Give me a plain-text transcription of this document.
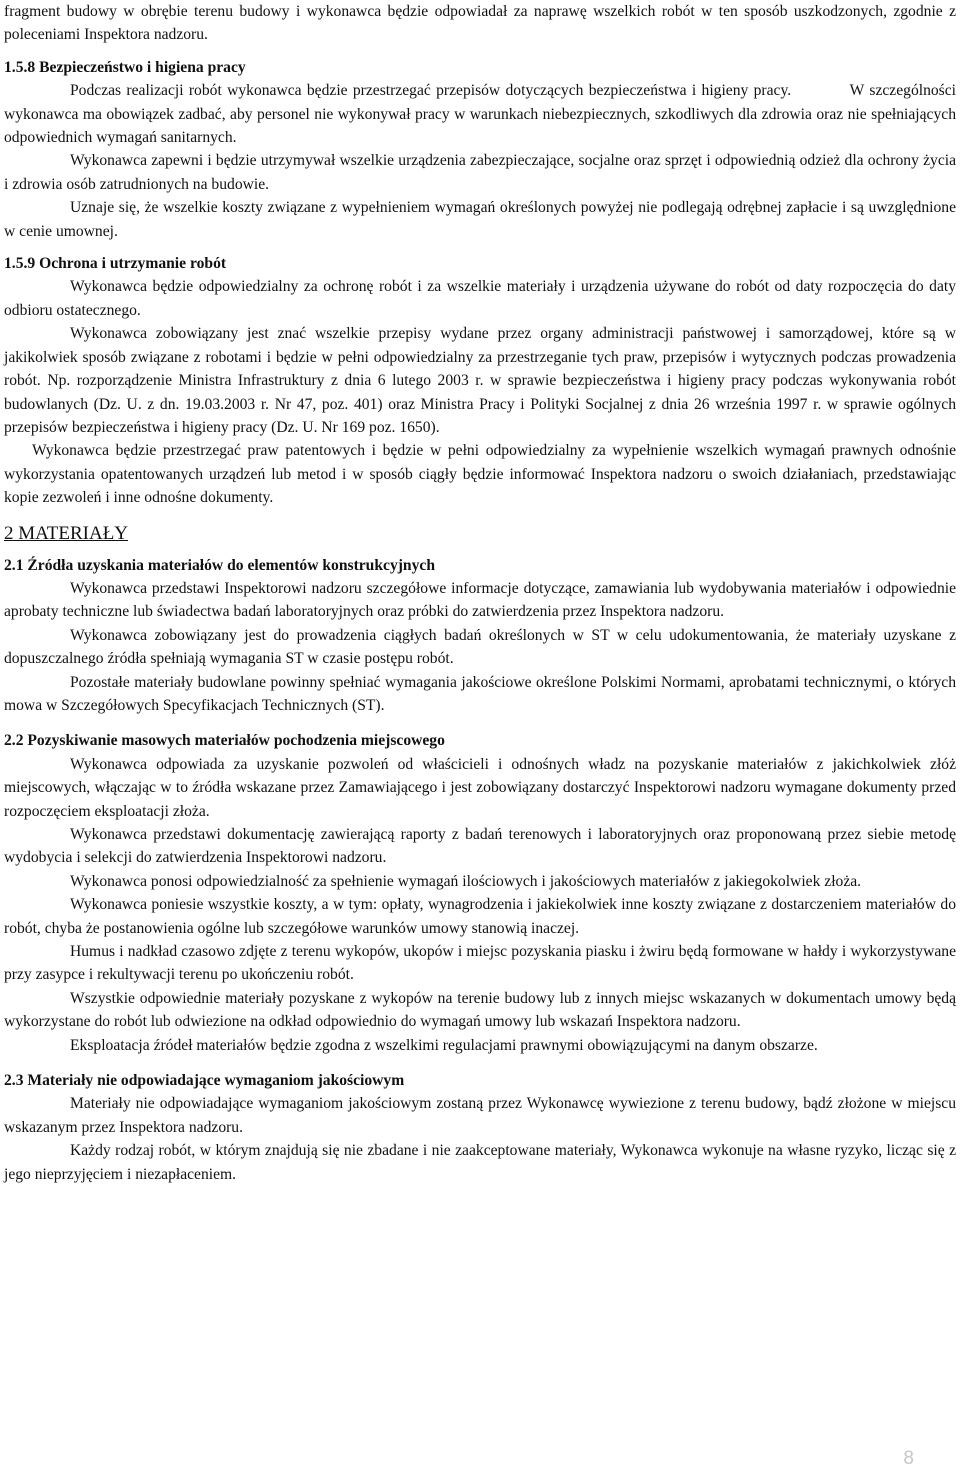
fragment budowy w obrębie terenu budowy i wykonawca będzie odpowiadał za naprawę wszelkich robót w ten sposób uszkodzonych, zgodnie z poleceniami Inspektora nadzoru.

1.5.8 Bezpieczeństwo i higiena pracy

Podczas realizacji robót wykonawca będzie przestrzegać przepisów dotyczących bezpieczeństwa i higieny pracy.	W szczególności wykonawca ma obowiązek zadbać, aby personel nie wykonywał pracy w warunkach niebezpiecznych, szkodliwych dla zdrowia oraz nie spełniających odpowiednich wymagań sanitarnych.

Wykonawca zapewni i będzie utrzymywał wszelkie urządzenia zabezpieczające, socjalne oraz sprzęt i odpowiednią odzież dla ochrony życia i zdrowia osób zatrudnionych na budowie.

Uznaje się, że wszelkie koszty związane z wypełnieniem wymagań określonych powyżej nie podlegają odrębnej zapłacie i są uwzględnione w cenie umownej.

1.5.9 Ochrona i utrzymanie robót

Wykonawca będzie odpowiedzialny za ochronę robót i za wszelkie materiały i urządzenia używane do robót od daty rozpoczęcia do daty odbioru ostatecznego.

Wykonawca zobowiązany jest znać wszelkie przepisy wydane przez organy administracji państwowej i samorządowej, które są w jakikolwiek sposób związane z robotami i będzie w pełni odpowiedzialny za przestrzeganie tych praw, przepisów i wytycznych podczas prowadzenia robót. Np. rozporządzenie Ministra Infrastruktury z dnia 6 lutego 2003 r. w sprawie bezpieczeństwa i higieny pracy podczas wykonywania robót budowlanych (Dz. U. z dn. 19.03.2003 r. Nr 47, poz. 401) oraz Ministra Pracy i Polityki Socjalnej z dnia 26 września 1997 r. w sprawie ogólnych przepisów bezpieczeństwa i higieny pracy (Dz. U. Nr 169 poz. 1650).

Wykonawca będzie przestrzegać praw patentowych i będzie w pełni odpowiedzialny za wypełnienie wszelkich wymagań prawnych odnośnie wykorzystania opatentowanych urządzeń lub metod i w sposób ciągły będzie informować Inspektora nadzoru o swoich działaniach, przedstawiając kopie zezwoleń i inne odnośne dokumenty.

2 MATERIAŁY

2.1 Źródła uzyskania materiałów do elementów konstrukcyjnych

Wykonawca przedstawi Inspektorowi nadzoru szczegółowe informacje dotyczące, zamawiania lub wydobywania materiałów i odpowiednie aprobaty techniczne lub świadectwa badań laboratoryjnych oraz próbki do zatwierdzenia przez Inspektora nadzoru.

Wykonawca zobowiązany jest do prowadzenia ciągłych badań określonych w ST w celu udokumentowania, że materiały uzyskane z dopuszczalnego źródła spełniają wymagania ST w czasie postępu robót.

Pozostałe materiały budowlane powinny spełniać wymagania jakościowe określone Polskimi Normami, aprobatami technicznymi, o których mowa w Szczegółowych Specyfikacjach Technicznych (ST).

2.2 Pozyskiwanie masowych materiałów pochodzenia miejscowego

Wykonawca odpowiada za uzyskanie pozwoleń od właścicieli i odnośnych władz na pozyskanie materiałów z jakichkolwiek złóż miejscowych, włączając w to źródła wskazane przez Zamawiającego i jest zobowiązany dostarczyć Inspektorowi nadzoru wymagane dokumenty przed rozpoczęciem eksploatacji złoża.

Wykonawca przedstawi dokumentację zawierającą raporty z badań terenowych i laboratoryjnych oraz proponowaną przez siebie metodę wydobycia i selekcji do zatwierdzenia Inspektorowi nadzoru.

Wykonawca ponosi odpowiedzialność za spełnienie wymagań ilościowych i jakościowych materiałów z jakiegokolwiek złoża.

Wykonawca poniesie wszystkie koszty, a w tym: opłaty, wynagrodzenia i jakiekolwiek inne koszty związane z dostarczeniem materiałów do robót, chyba że postanowienia ogólne lub szczegółowe warunków umowy stanowią inaczej.

Humus i nadkład czasowo zdjęte z terenu wykopów, ukopów i miejsc pozyskania piasku i żwiru będą formowane w hałdy i wykorzystywane przy zasypce i rekultywacji terenu po ukończeniu robót.

Wszystkie odpowiednie materiały pozyskane z wykopów na terenie budowy lub z innych miejsc wskazanych w dokumentach umowy będą wykorzystane do robót lub odwiezione na odkład odpowiednio do wymagań umowy lub wskazań Inspektora nadzoru.

Eksploatacja źródeł materiałów będzie zgodna z wszelkimi regulacjami prawnymi obowiązującymi na danym obszarze.

2.3 Materiały nie odpowiadające wymaganiom jakościowym

Materiały nie odpowiadające wymaganiom jakościowym zostaną przez Wykonawcę wywiezione z terenu budowy, bądź złożone w miejscu wskazanym przez Inspektora nadzoru.

Każdy rodzaj robót, w którym znajdują się nie zbadane i nie zaakceptowane materiały, Wykonawca wykonuje na własne ryzyko, licząc się z jego nieprzyjęciem i niezapłaceniem.

8
